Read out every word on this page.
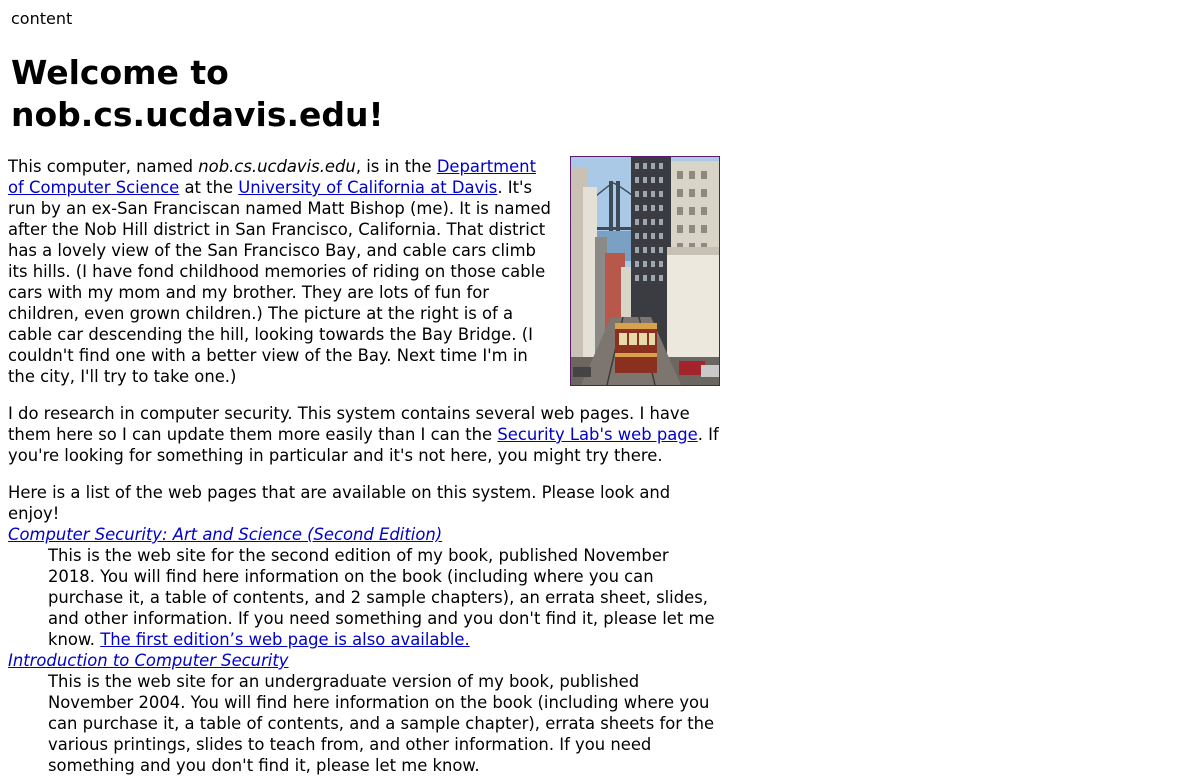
content
Welcome to
nob.cs.ucdavis.edu!

This computer, named nob.cs.ucdavis.edu, is in the Department of Computer Science at the University of California at Davis. It's run by an ex-San Franciscan named Matt Bishop (me). It is named after the Nob Hill district in San Francisco, California. That district has a lovely view of the San Francisco Bay, and cable cars climb its hills. (I have fond childhood memories of riding on those cable cars with my mom and my brother. They are lots of fun for children, even grown children.) The picture at the right is of a cable car descending the hill, looking towards the Bay Bridge. (I couldn't find one with a better view of the Bay. Next time I'm in the city, I'll try to take one.)

I do research in computer security. This system contains several web pages. I have them here so I can update them more easily than I can the Security Lab's web page. If you're looking for something in particular and it's not here, you might try there.

Here is a list of the web pages that are available on this system. Please look and enjoy!

Computer Security: Art and Science (Second Edition)
This is the web site for the second edition of my book, published November 2018. You will find here information on the book (including where you can purchase it, a table of contents, and 2 sample chapters), an errata sheet, slides, and other information. If you need something and you don't find it, please let me know. The first edition’s web page is also available.
Introduction to Computer Security
This is the web site for an undergraduate version of my book, published November 2004. You will find here information on the book (including where you can purchase it, a table of contents, and a sample chapter), errata sheets for the various printings, slides to teach from, and other information. If you need something and you don't find it, please let me know.
